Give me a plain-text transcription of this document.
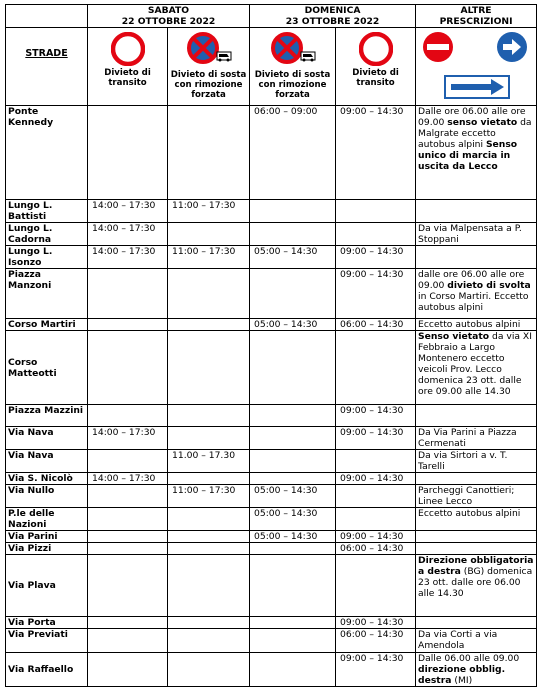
	SABATO
22 OTTOBRE 2022		DOMENICA
23 OTTOBRE 2022		ALTRE
PRESCRIZIONI

STRADE	Divieto di transito	Divieto di sosta con rimozione forzata	Divieto di sosta con rimozione forzata	Divieto di transito

Ponte Kennedy			06:00 – 09:00	09:00 – 14:30	Dalle ore 06.00 alle ore 09.00 senso vietato da Malgrate eccetto autobus alpini Senso unico di marcia in uscita da Lecco
Lungo L. Battisti	14:00 – 17:30	11:00 – 17:30			
Lungo L. Cadorna	14:00 – 17:30				Da via Malpensata a P. Stoppani
Lungo L. Isonzo	14:00 – 17:30	11:00 – 17:30	05:00 – 14:30	09:00 – 14:30	
Piazza Manzoni				09:00 – 14:30	dalle ore 06.00 alle ore 09.00 divieto di svolta in Corso Martiri. Eccetto autobus alpini
Corso Martiri			05:00 – 14:30	06:00 – 14:30	Eccetto autobus alpini
Corso Matteotti					Senso vietato da via XI Febbraio a Largo Montenero eccetto veicoli Prov. Lecco domenica 23 ott. dalle ore 09.00 alle 14.30
Piazza Mazzini				09:00 – 14:30	
Via Nava	14:00 – 17:30			09:00 – 14:30	Da Via Parini a Piazza Cermenati
Via Nava		11.00 – 17.30			Da via Sirtori a v. T. Tarelli
Via S. Nicolò	14:00 – 17:30			09:00 – 14:30	
Via Nullo		11:00 – 17:30	05:00 – 14:30		Parcheggi Canottieri; Linee Lecco
P.le delle Nazioni			05:00 – 14:30		Eccetto autobus alpini
Via Parini			05:00 – 14:30	09:00 – 14:30	
Via Pizzi				06:00 – 14:30	
Via Plava					Direzione obbligatoria a destra (BG) domenica 23 ott. dalle ore 06.00 alle 14.30
Via Porta				09:00 – 14:30	
Via Previati				06:00 – 14:30	Da via Corti a via Amendola
Via Raffaello				09:00 – 14:30	Dalle 06.00 alle 09.00 direzione obblig. destra (MI)
